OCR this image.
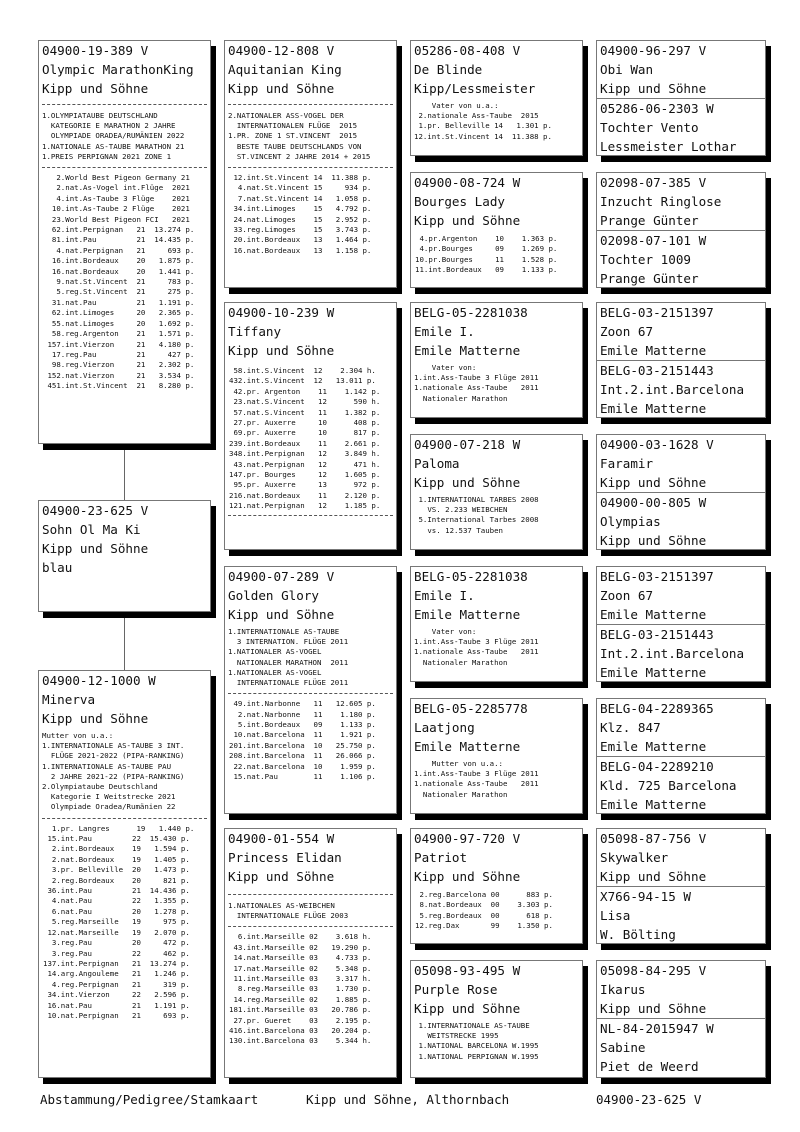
04900-19-389 V
Olympic MarathonKing
Kipp und Söhne
1.OLYMPIATAUBE DEUTSCHLAND
KATEGORIE E MARATHON 2 JAHRE
OLYMPIADE ORADEA/RUMÄNIEN 2022
1.NATIONALE AS-TAUBE MARATHON 21
1.PREIS PERPIGNAN 2021 ZONE 1
2.World Best Pigeon Germany 21
2.nat.As-Vogel int.Flüge  2021
4.int.As-Taube 3 Flüge    2021
10.int.As-Taube 2 Flüge    2021
23.World Best Pigeon FCI   2021
62.int.Perpignan   21  13.274 p.
81.int.Pau         21  14.435 p.
4.nat.Perpignan   21     693 p.
16.int.Bordeaux    20   1.875 p.
16.nat.Bordeaux    20   1.441 p.
9.nat.St.Vincent  21     783 p.
5.reg.St.Vincent  21     275 p.
31.nat.Pau         21   1.191 p.
62.int.Limoges     20   2.365 p.
55.nat.Limoges     20   1.692 p.
58.reg.Argenton    21   1.571 p.
157.int.Vierzon     21   4.180 p.
17.reg.Pau         21     427 p.
98.reg.Vierzon     21   2.302 p.
152.nat.Vierzon     21   3.534 p.
451.int.St.Vincent  21   8.280 p.
04900-23-625 V
Sohn Ol Ma Ki
Kipp und Söhne
blau
04900-12-1000 W
Minerva
Kipp und Söhne
Mutter von u.a.:
1.INTERNATIONALE AS-TAUBE 3 INT.
FLÜGE 2021-2022 (PIPA-RANKING)
1.INTERNATIONALE AS-TAUBE PAU
2 JAHRE 2021-22 (PIPA-RANKING)
2.Olympiataube Deutschland
Kategorie I Weitstrecke 2021
Olympiade Oradea/Rumänien 22
1.pr. Langres      19   1.440 p.
15.int.Pau         22  15.430 p.
2.int.Bordeaux    19   1.594 p.
2.nat.Bordeaux    19   1.405 p.
3.pr. Belleville  20   1.473 p.
2.reg.Bordeaux    20     821 p.
36.int.Pau         21  14.436 p.
4.nat.Pau         22   1.355 p.
6.nat.Pau         20   1.278 p.
5.reg.Marseille   19     975 p.
12.nat.Marseille   19   2.070 p.
3.reg.Pau         20     472 p.
3.reg.Pau         22     462 p.
137.int.Perpignan   21  13.274 p.
14.arg.Angouleme   21   1.246 p.
4.reg.Perpignan   21     319 p.
34.int.Vierzon     22   2.596 p.
16.nat.Pau         21   1.191 p.
10.nat.Perpignan   21     693 p.
04900-12-808 V
Aquitanian King
Kipp und Söhne
2.NATIONALER ASS-VOGEL DER
INTERNATIONALEN FLÜGE  2015
1.PR. ZONE 1 ST.VINCENT  2015
BESTE TAUBE DEUTSCHLANDS VON
ST.VINCENT 2 JAHRE 2014 + 2015
12.int.St.Vincent 14  11.388 p.
4.nat.St.Vincent 15     934 p.
7.nat.St.Vincent 14   1.058 p.
34.int.Limoges    15   4.792 p.
24.nat.Limoges    15   2.952 p.
33.reg.Limoges    15   3.743 p.
20.int.Bordeaux   13   1.464 p.
16.nat.Bordeaux   13   1.158 p.
04900-10-239 W
Tiffany
Kipp und Söhne
58.int.S.Vincent  12    2.304 h.
432.int.S.Vincent  12   13.011 p.
42.pr. Argenton    11    1.142 p.
23.nat.S.Vincent   12      590 h.
57.nat.S.Vincent   11    1.382 p.
27.pr. Auxerre     10      408 p.
69.pr. Auxerre     10      817 p.
239.int.Bordeaux    11    2.661 p.
348.int.Perpignan   12    3.849 h.
43.nat.Perpignan   12      471 h.
147.pr. Bourges     12    1.605 p.
95.pr. Auxerre     13      972 p.
216.nat.Bordeaux    11    2.120 p.
121.nat.Perpignan   12    1.185 p.
04900-07-289 V
Golden Glory
Kipp und Söhne
1.INTERNATIONALE AS-TAUBE
3 INTERNATION. FLÜGE 2011
1.NATIONALER AS-VOGEL
NATIONALER MARATHON  2011
1.NATIONALER AS-VOGEL
INTERNATIONALE FLÜGE 2011
49.int.Narbonne   11   12.605 p.
2.nat.Narbonne   11    1.180 p.
5.int.Bordeaux   09    1.133 p.
10.nat.Barcelona  11    1.921 p.
201.int.Barcelona  10   25.750 p.
208.int.Barcelona  11   26.066 p.
22.nat.Barcelona  10    1.959 p.
15.nat.Pau        11    1.106 p.
04900-01-554 W
Princess Elidan
Kipp und Söhne
1.NATIONALES AS-WEIBCHEN
INTERNATIONALE FLÜGE 2003
6.int.Marseille 02    3.618 h.
43.int.Marseille 02   19.290 p.
14.nat.Marseille 03    4.733 p.
17.nat.Marseille 02    5.348 p.
11.int.Marseille 03    3.317 h.
8.reg.Marseille 03    1.730 p.
14.reg.Marseille 02    1.885 p.
181.int.Marseille 03   20.786 p.
27.pr. Gueret    03    2.195 p.
416.int.Barcelona 03   20.204 p.
130.int.Barcelona 03    5.344 h.
05286-08-408 V
De Blinde
Kipp/Lessmeister
Vater von u.a.:
2.nationale Ass-Taube  2015
1.pr. Belleville 14   1.301 p.
12.int.St.Vincent 14  11.388 p.
04900-08-724 W
Bourges Lady
Kipp und Söhne
4.pr.Argenton    10    1.363 p.
4.pr.Bourges     09    1.269 p.
10.pr.Bourges     11    1.528 p.
11.int.Bordeaux   09    1.133 p.
BELG-05-2281038
Emile I.
Emile Matterne
Vater von:
1.int.Ass-Taube 3 Flüge 2011
1.nationale Ass-Taube   2011
Nationaler Marathon
04900-07-218 W
Paloma
Kipp und Söhne
1.INTERNATIONAL TARBES 2008
VS. 2.233 WEIBCHEN
5.International Tarbes 2008
vs. 12.537 Tauben
BELG-05-2281038
Emile I.
Emile Matterne
Vater von:
1.int.Ass-Taube 3 Flüge 2011
1.nationale Ass-Taube   2011
Nationaler Marathon
BELG-05-2285778
Laatjong
Emile Matterne
Mutter von u.a.:
1.int.Ass-Taube 3 Flüge 2011
1.nationale Ass-Taube   2011
Nationaler Marathon
04900-97-720 V
Patriot
Kipp und Söhne
2.reg.Barcelona 00      883 p.
8.nat.Bordeaux  00    3.303 p.
5.reg.Bordeaux  00      618 p.
12.reg.Dax       99    1.350 p.
05098-93-495 W
Purple Rose
Kipp und Söhne
1.INTERNATIONALE AS-TAUBE
WEITSTRECKE 1995
1.NATIONAL BARCELONA W.1995
1.NATIONAL PERPIGNAN W.1995
04900-96-297 V
Obi Wan
Kipp und Söhne
05286-06-2303 W
Tochter Vento
Lessmeister Lothar
02098-07-385 V
Inzucht Ringlose
Prange Günter
02098-07-101 W
Tochter 1009
Prange Günter
BELG-03-2151397
Zoon 67
Emile Matterne
BELG-03-2151443
Int.2.int.Barcelona
Emile Matterne
04900-03-1628 V
Faramir
Kipp und Söhne
04900-00-805 W
Olympias
Kipp und Söhne
BELG-03-2151397
Zoon 67
Emile Matterne
BELG-03-2151443
Int.2.int.Barcelona
Emile Matterne
BELG-04-2289365
Klz. 847
Emile Matterne
BELG-04-2289210
Kld. 725 Barcelona
Emile Matterne
05098-87-756 V
Skywalker
Kipp und Söhne
X766-94-15 W
Lisa
W. Bölting
05098-84-295 V
Ikarus
Kipp und Söhne
NL-84-2015947 W
Sabine
Piet de Weerd
Abstammung/Pedigree/Stamkaart	Kipp und Söhne, Althornbach	04900-23-625 V
